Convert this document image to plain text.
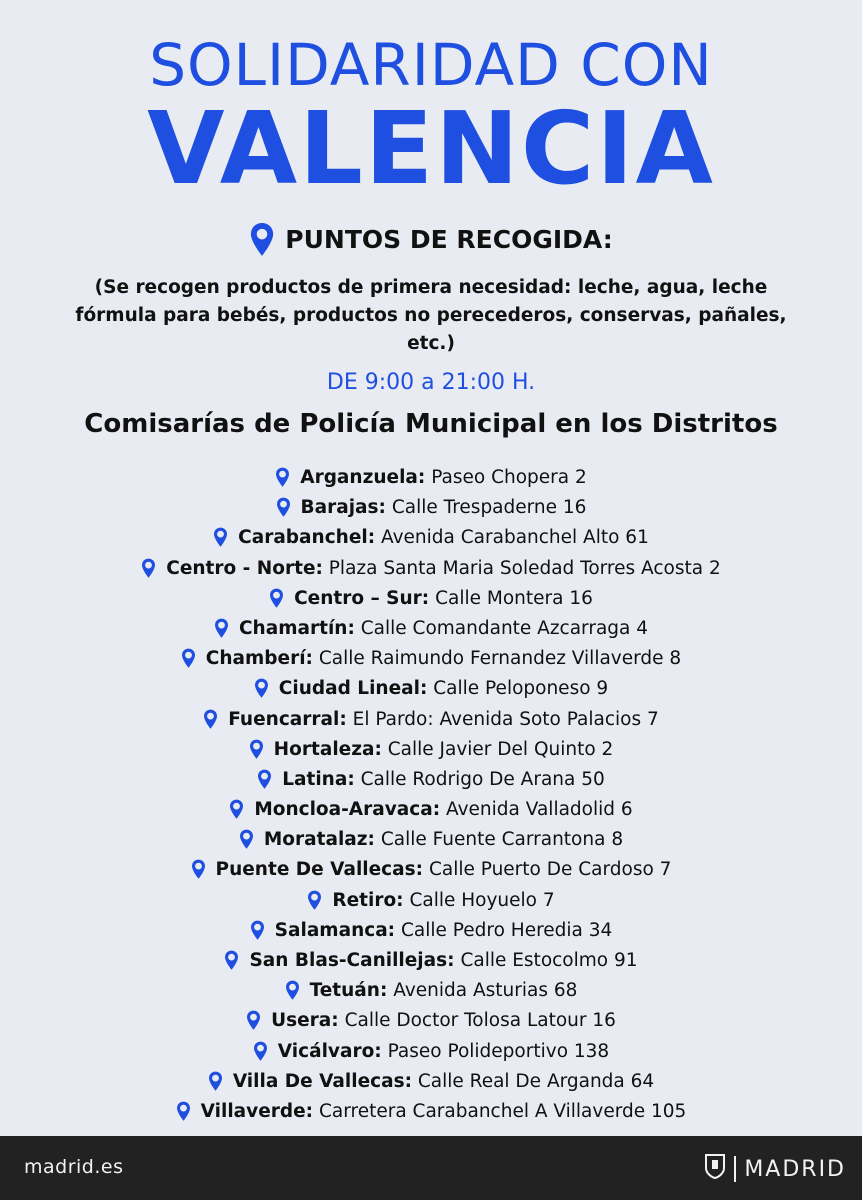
SOLIDARIDAD CON
VALENCIA
PUNTOS DE RECOGIDA:
(Se recogen productos de primera necesidad: leche, agua, leche fórmula para bebés, productos no perecederos, conservas, pañales, etc.)
DE 9:00 a 21:00 H.
Comisarías de Policía Municipal en los Distritos
Arganzuela: Paseo Chopera 2
Barajas: Calle Trespaderne 16
Carabanchel: Avenida Carabanchel Alto 61
Centro - Norte: Plaza Santa Maria Soledad Torres Acosta 2
Centro – Sur: Calle Montera 16
Chamartín: Calle Comandante Azcarraga 4
Chamberí: Calle Raimundo Fernandez Villaverde 8
Ciudad Lineal: Calle Peloponeso 9
Fuencarral: El Pardo: Avenida Soto Palacios 7
Hortaleza: Calle Javier Del Quinto 2
Latina: Calle Rodrigo De Arana 50
Moncloa-Aravaca: Avenida Valladolid 6
Moratalaz: Calle Fuente Carrantona 8
Puente De Vallecas: Calle Puerto De Cardoso 7
Retiro: Calle Hoyuelo 7
Salamanca: Calle Pedro Heredia 34
San Blas-Canillejas: Calle Estocolmo 91
Tetuán: Avenida Asturias 68
Usera: Calle Doctor Tolosa Latour 16
Vicálvaro: Paseo Polideportivo 138
Villa De Vallecas: Calle Real De Arganda 64
Villaverde: Carretera Carabanchel A Villaverde 105
madrid.es	MADRID
